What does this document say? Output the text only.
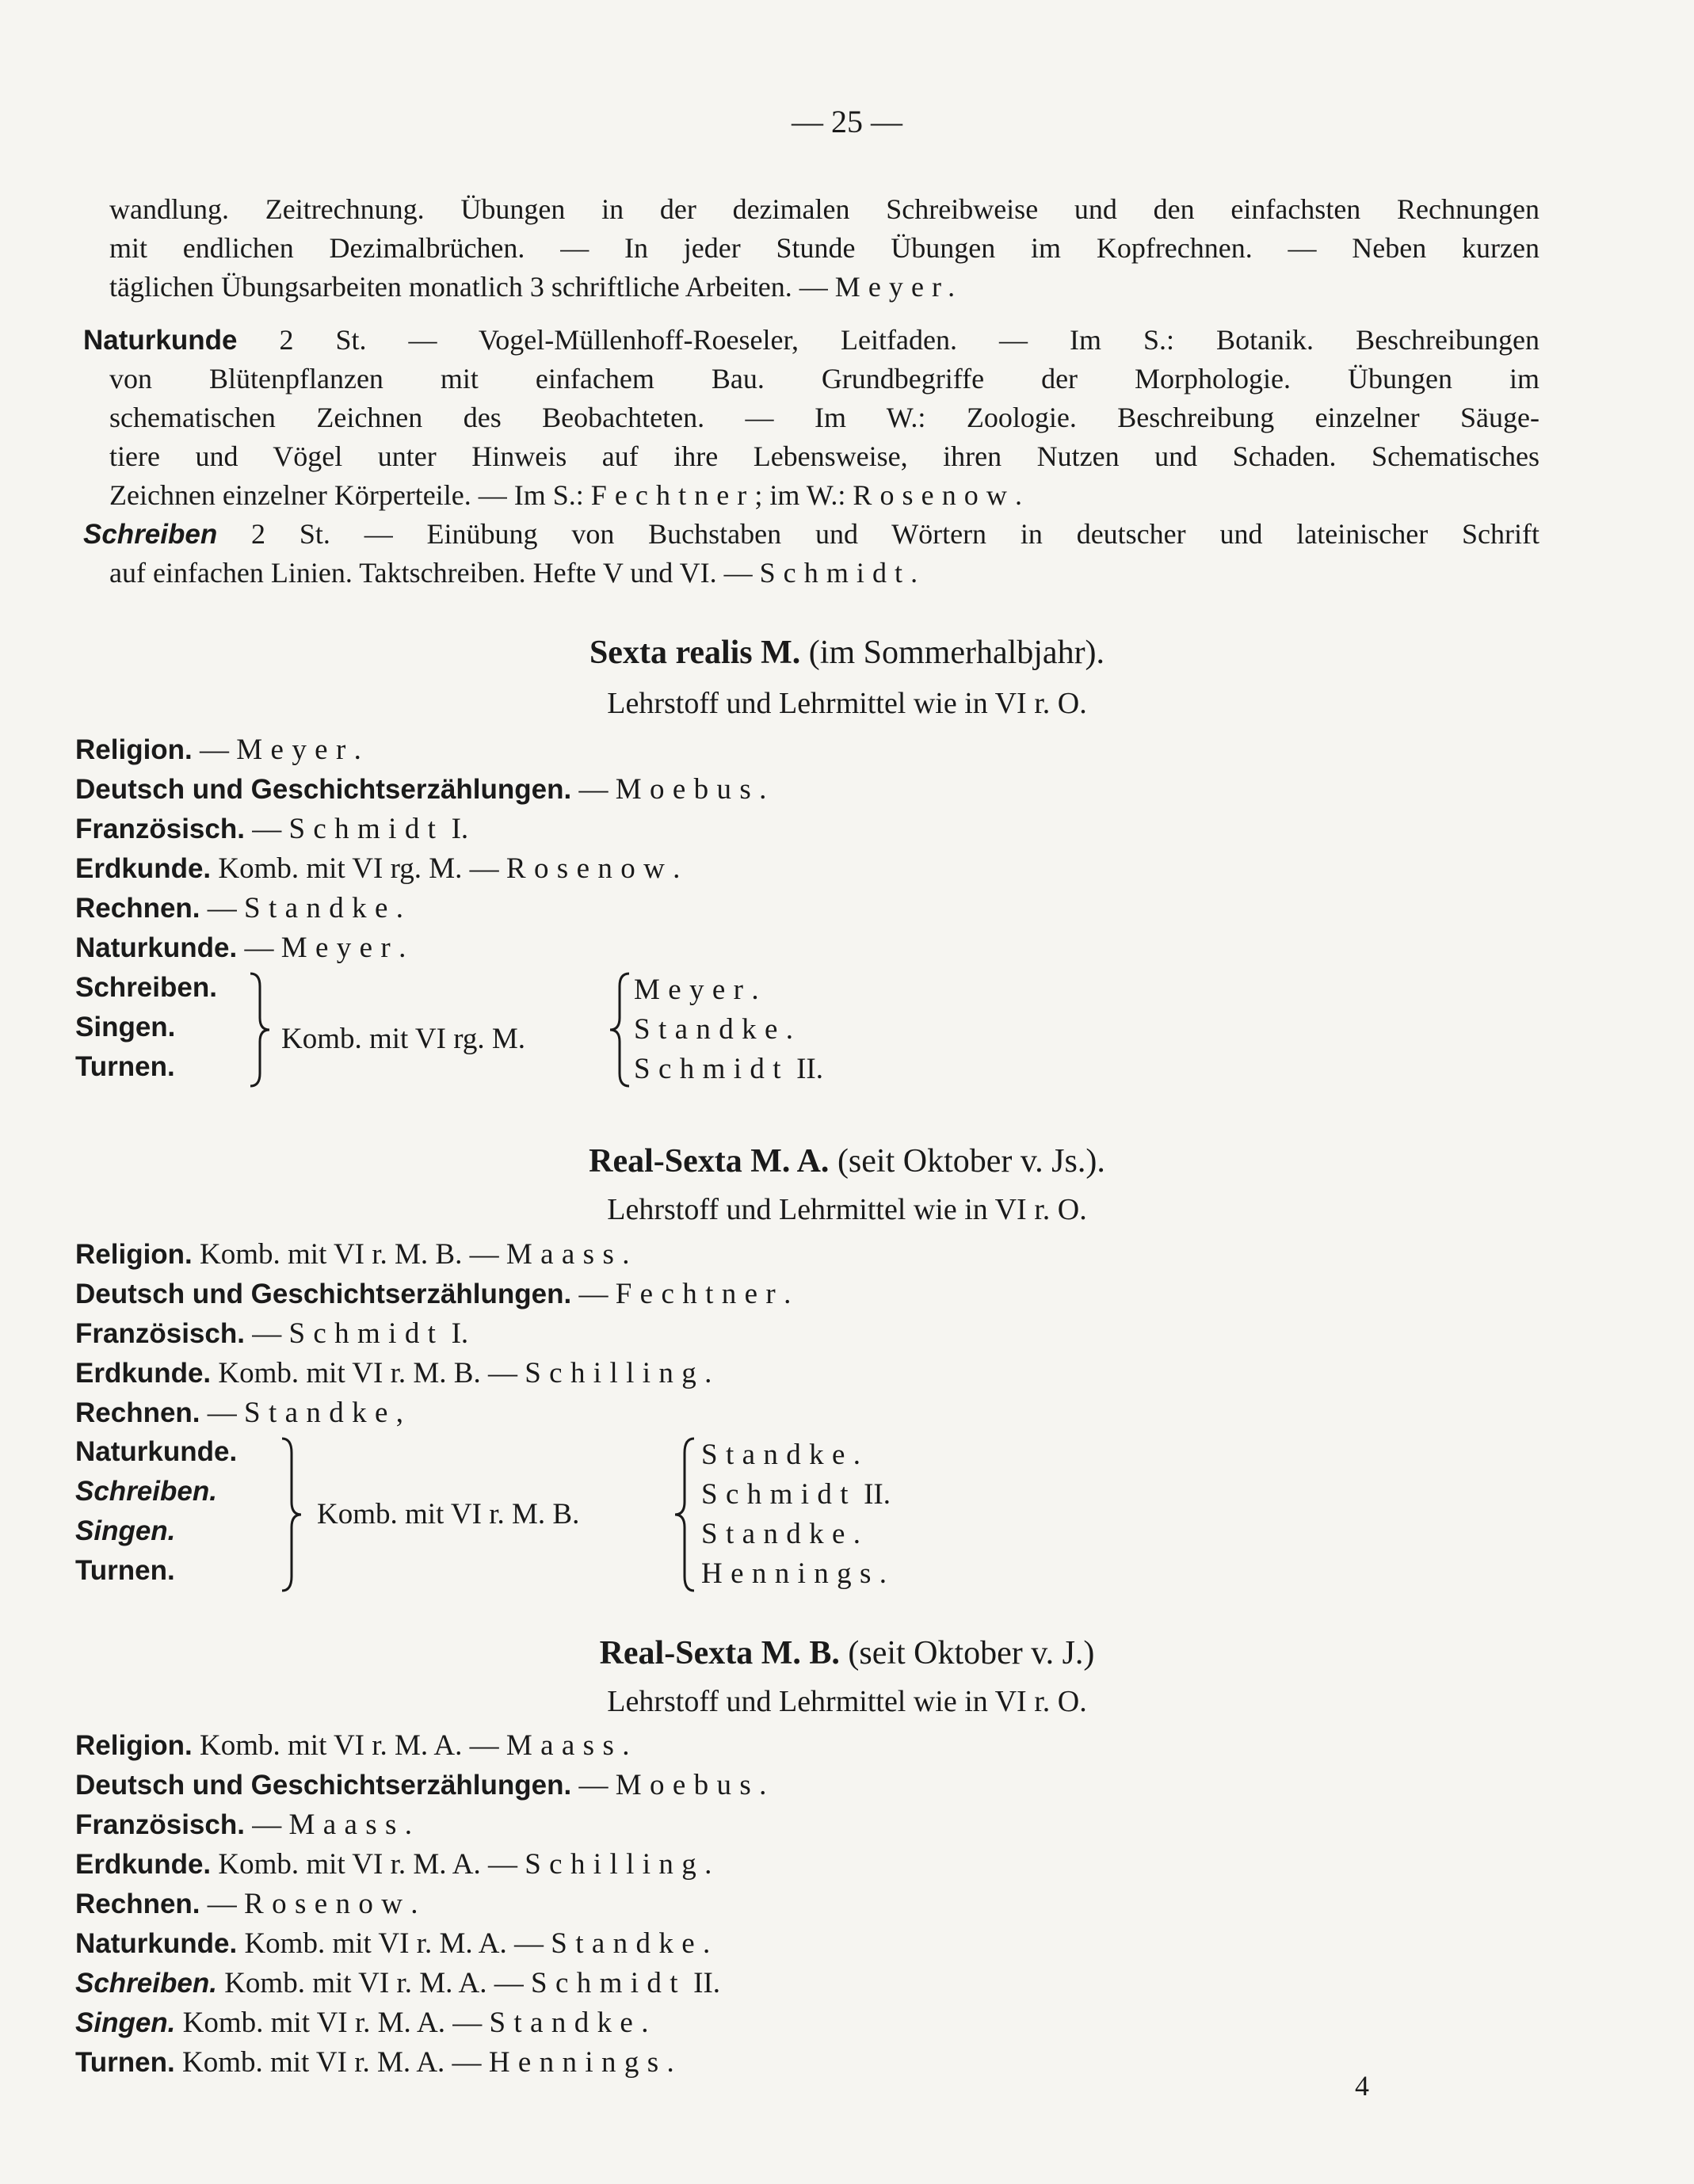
— 25 —
wandlung. Zeitrechnung. Übungen in der dezimalen Schreibweise und den einfachsten Rechnungen
mit endlichen Dezimalbrüchen. — In jeder Stunde Übungen im Kopfrechnen. — Neben kurzen
täglichen Übungsarbeiten monatlich 3 schriftliche Arbeiten. — Meyer.
Naturkunde 2 St. — Vogel-Müllenhoff-Roeseler, Leitfaden. — Im S.: Botanik. Beschreibungen
von Blütenpflanzen mit einfachem Bau. Grundbegriffe der Morphologie. Übungen im
schematischen Zeichnen des Beobachteten. — Im W.: Zoologie. Beschreibung einzelner Säuge-
tiere und Vögel unter Hinweis auf ihre Lebensweise, ihren Nutzen und Schaden. Schematisches
Zeichnen einzelner Körperteile. — Im S.: Fechtner; im W.: Rosenow.
Schreiben 2 St. — Einübung von Buchstaben und Wörtern in deutscher und lateinischer Schrift
auf einfachen Linien. Taktschreiben. Hefte V und VI. — Schmidt.
Sexta realis M. (im Sommerhalbjahr).
Lehrstoff und Lehrmittel wie in VI r. O.
Religion. — Meyer.
Deutsch und Geschichtserzählungen. — Moebus.
Französisch. — Schmidt I.
Erdkunde. Komb. mit VI rg. M. — Rosenow.
Rechnen. — Standke.
Naturkunde. — Meyer.
Schreiben.
Singen.
Turnen.
Komb. mit VI rg. M.
Meyer.
Standke.
Schmidt II.
Real-Sexta M. A. (seit Oktober v. Js.).
Lehrstoff und Lehrmittel wie in VI r. O.
Religion. Komb. mit VI r. M. B. — Maass.
Deutsch und Geschichtserzählungen. — Fechtner.
Französisch. — Schmidt I.
Erdkunde. Komb. mit VI r. M. B. — Schilling.
Rechnen. — Standke,
Naturkunde.
Schreiben.
Singen.
Turnen.
Komb. mit VI r. M. B.
Standke.
Schmidt II.
Standke.
Hennings.
Real-Sexta M. B. (seit Oktober v. J.)
Lehrstoff und Lehrmittel wie in VI r. O.
Religion. Komb. mit VI r. M. A. — Maass.
Deutsch und Geschichtserzählungen. — Moebus.
Französisch. — Maass.
Erdkunde. Komb. mit VI r. M. A. — Schilling.
Rechnen. — Rosenow.
Naturkunde. Komb. mit VI r. M. A. — Standke.
Schreiben. Komb. mit VI r. M. A. — Schmidt II.
Singen. Komb. mit VI r. M. A. — Standke.
Turnen. Komb. mit VI r. M. A. — Hennings.
4
